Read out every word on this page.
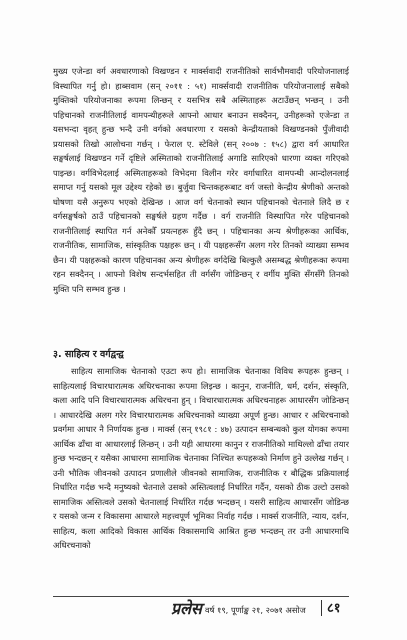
मुख्य एजेन्डा वर्ग अवधारणाको विखण्डन र मार्क्सवादी राजनीतिको सार्वभौमवादी परियोजनालाई विस्थापित गर्नु हो। हाब्सवाम (सन् २०११ : ५१) मार्क्सवादी राजनीतिक परियोजनालाई सबैको मुक्तिको परियोजनाका रूपमा लिन्छन् र यसभित्र सबै अस्मिताहरू अटाउँछन् भन्छन् । उनी पहिचानको राजनीतिलाई वामपन्थीहरूले आफ्नो आधार बनाउन सक्दैनन्, उनीहरूको एजेन्डा त यसभन्दा वृहत् हुन्छ भन्दै उनी वर्गको अवधारणा र यसको केन्द्रीयताको विखण्डनको पुँजीवादी प्रयासको तिखो आलोचना गर्छन् । फेराल ए. स्टेविले (सन् २००७ : १५८) द्वारा वर्ग आधारित सङ्घर्षलाई विखण्डन गर्ने दृष्टिले अस्मिताको राजनीतिलाई अगाडि सारिएको धारणा व्यक्त गरिएको पाइन्छ। वर्गविभेदलाई अस्मिताहरूको विभेदमा विलीन गरेर वर्गाधारित वामपन्थी आन्दोलनलाई समाप्त गर्नु यसको मूल उद्देश्य रहेको छ। बुर्जुवा चिन्तकहरूबाट वर्ग जस्तो केन्द्रीय श्रेणीको अन्तको घोषणा यसै अनुरूप भएको देखिन्छ । आज वर्ग चेतनाको स्थान पहिचानको चेतनाले लिदै छ र वर्गसङ्घर्षको ठाउँ पहिचानको सङ्घर्षले ग्रहण गर्दैछ । वर्ग राजनीति विस्थापित गरेर पहिचानको राजनीतिलाई स्थापित गर्न अनेकौँ प्रयत्नहरू हुँदै छन् । पहिचानका अन्य श्रेणीहरूका आर्थिक, राजनीतिक, सामाजिक, सांस्कृतिक पक्षहरू छन् । यी पक्षहरूसँग अलग गरेर तिनको व्याख्या सम्भव छैन। यी पक्षहरूको कारण पहिचानका अन्य श्रेणीहरू वर्गदेखि बिल्कुलै असम्बद्ध श्रेणीहरूका रूपमा रहन सक्दैनन् । आफ्नो विशेष सन्दर्भसहित ती वर्गसँग जोडिन्छन् र वर्गीय मुक्ति सँगसँगै तिनको मुक्ति पनि सम्भव हुन्छ ।

३. साहित्य र वर्गद्वन्द्व

साहित्य सामाजिक चेतनाको एउटा रूप हो। सामाजिक चेतनाका विविध रूपहरू हुन्छन् । साहित्यलाई विचारधारात्मक अधिरचनाका रूपमा लिइन्छ । कानुन, राजनीति, धर्म, दर्शन, संस्कृति, कला आदि पनि विचारधारात्मक अधिरचना हुन् । विचारधारात्मक अधिरचनाहरू आधारसँग जोडिन्छन् । आधारदेखि अलग गरेर विचारधारात्मक अधिरचनाको व्याख्या अपूर्ण हुन्छ। आधार र अधिरचनाको प्रवर्गमा आधार नै निर्णायक हुन्छ । मार्क्स (सन् १९८१ : ४७) उत्पादन सम्बन्धको कुल योगका रूपमा आर्थिक ढाँचा वा आधारलाई लिन्छन् । उनी यही आधारमा कानुन र राजनीतिको माथिल्लो ढाँचा तयार हुन्छ भन्दछन् र यसैका आधारमा सामाजिक चेतनाका निश्चित रूपहरूको निर्माण हुने उल्लेख गर्छन् । उनी भौतिक जीवनको उत्पादन प्रणालीले जीवनको सामाजिक, राजनीतिक र बौद्धिक प्रक्रियालाई निर्धारित गर्दछ भन्दै मनुष्यको चेतनाले उसको अस्तित्वलाई निर्धारित गर्दैन, यसको ठीक उल्टो उसको सामाजिक अस्तित्वले उसको चेतनालाई निर्धारित गर्दछ भन्दछन् । यसरी साहित्य आधारसँग जोडिन्छ र यसको जन्म र विकासमा आधारले महत्त्वपूर्ण भूमिका निर्वाह गर्दछ । मार्क्स राजनीति, न्याय, दर्शन, साहित्य, कला आदिको विकास आर्थिक विकासमाथि आश्रित हुन्छ भन्दछन् तर उनी आधारमाथि अधिरचनाको

प्रलेस वर्ष १९, पूर्णाङ्क २१, २०७१ असोज ८१
